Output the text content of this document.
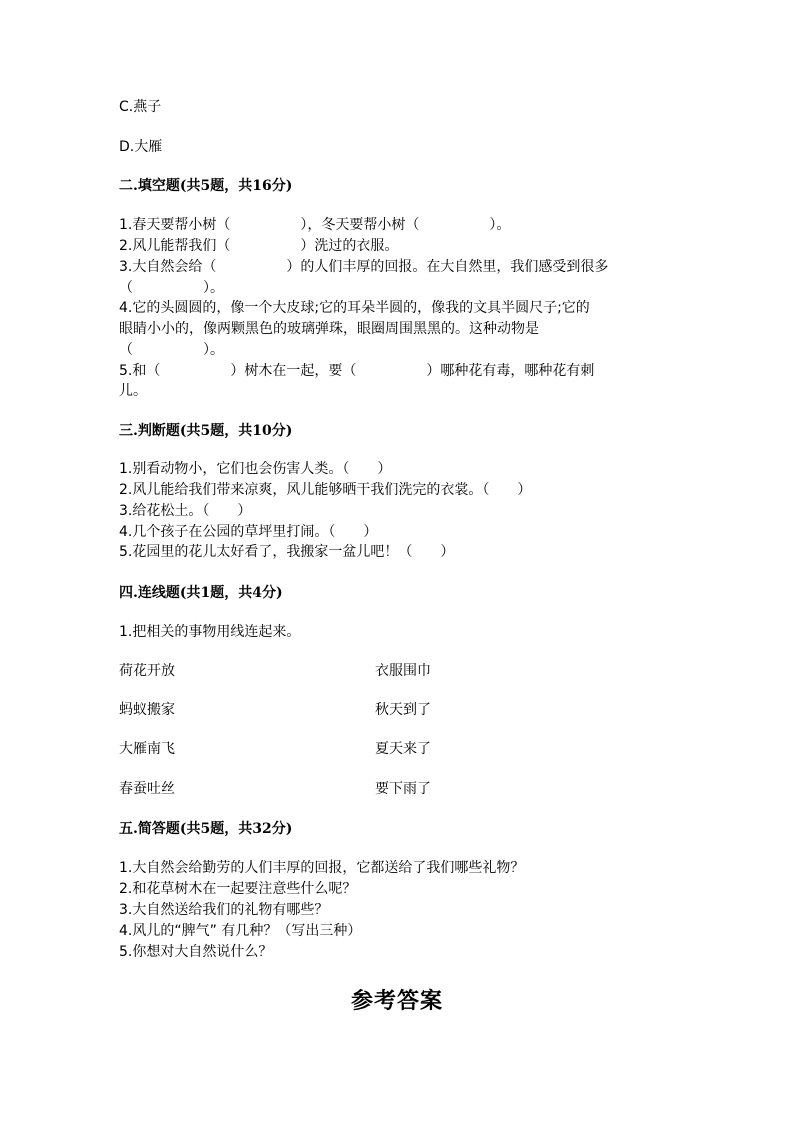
C.燕子
D.大雁
二.填空题(共5题，共16分)
1.春天要帮小树（　　　　　），冬天要帮小树（　　　　　）。
2.风儿能帮我们（　　　　　）洗过的衣服。
3.大自然会给（　　　　　）的人们丰厚的回报。在大自然里，我们感受到很多
（　　　　　）。
4.它的头圆圆的，像一个大皮球;它的耳朵半圆的，像我的文具半圆尺子;它的
眼睛小小的，像两颗黑色的玻璃弹珠，眼圈周围黑黑的。这种动物是
（　　　　　）。
5.和（　　　　　）树木在一起，要（　　　　　）哪种花有毒，哪种花有刺
儿。
三.判断题(共5题，共10分)
1.别看动物小，它们也会伤害人类。（　　）
2.风儿能给我们带来凉爽，风儿能够晒干我们洗完的衣裳。（　　）
3.给花松土。（　　）
4.几个孩子在公园的草坪里打闹。（　　）
5.花园里的花儿太好看了，我搬家一盆儿吧！（　　）
四.连线题(共1题，共4分)
1.把相关的事物用线连起来。
荷花开放	衣服围巾
蚂蚁搬家	秋天到了
大雁南飞	夏天来了
春蚕吐丝	要下雨了
五.简答题(共5题，共32分)
1.大自然会给勤劳的人们丰厚的回报，它都送给了我们哪些礼物？
2.和花草树木在一起要注意些什么呢？
3.大自然送给我们的礼物有哪些？
4.风儿的“脾气” 有几种？（写出三种）
5.你想对大自然说什么？
参考答案
